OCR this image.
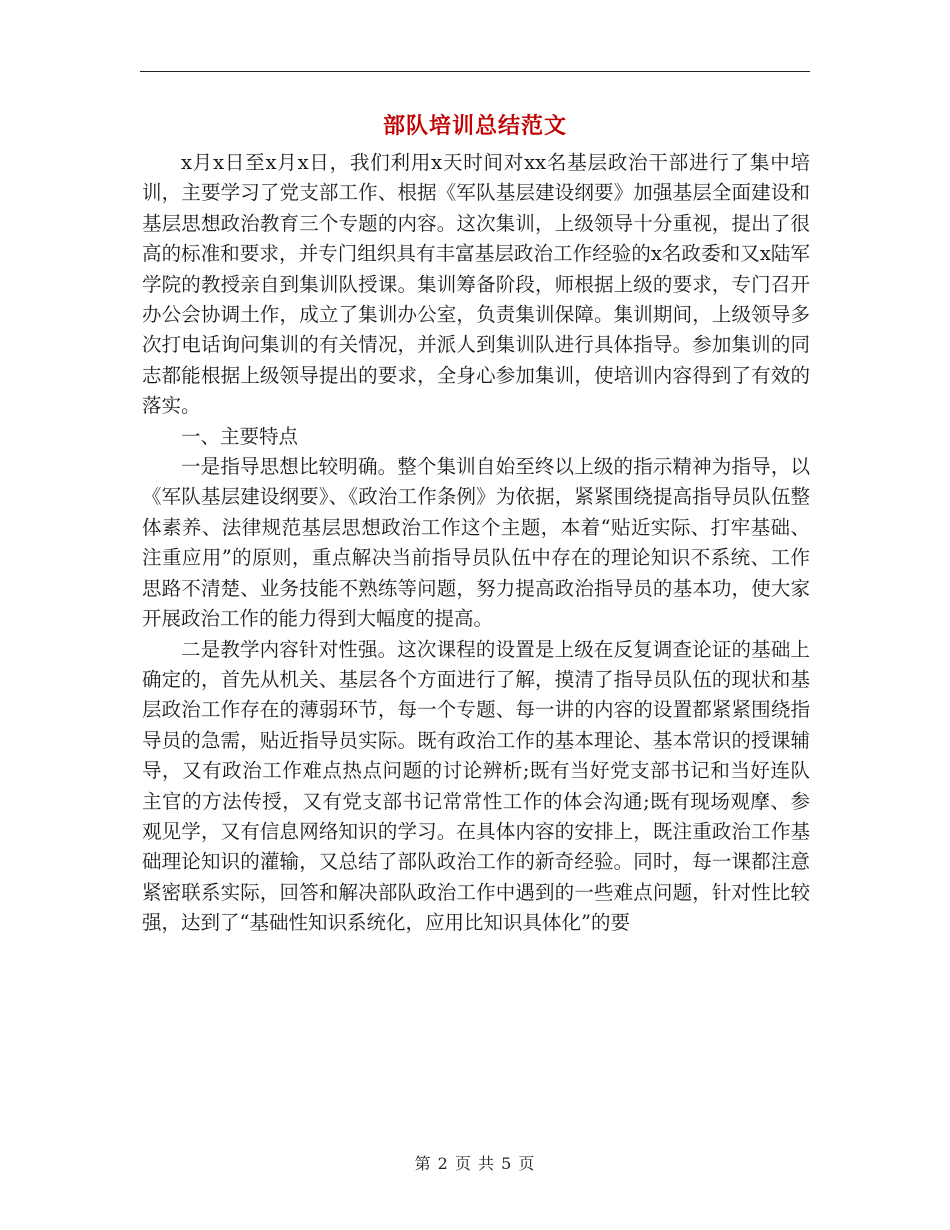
部队培训总结范文

x月x日至x月x日，我们利用x天时间对xx名基层政治干部进行了集中培训，主要学习了党支部工作、根据《军队基层建设纲要》加强基层全面建设和基层思想政治教育三个专题的内容。这次集训，上级领导十分重视，提出了很高的标准和要求，并专门组织具有丰富基层政治工作经验的x名政委和又x陆军学院的教授亲自到集训队授课。集训筹备阶段，师根据上级的要求，专门召开办公会协调土作，成立了集训办公室，负责集训保障。集训期间，上级领导多次打电话询问集训的有关情况，并派人到集训队进行具体指导。参加集训的同志都能根据上级领导提出的要求，全身心参加集训，使培训内容得到了有效的落实。

一、主要特点

一是指导思想比较明确。整个集训自始至终以上级的指示精神为指导，以《军队基层建设纲要》、《政治工作条例》为依据，紧紧围绕提高指导员队伍整体素养、法律规范基层思想政治工作这个主题，本着“贴近实际、打牢基础、注重应用”的原则，重点解决当前指导员队伍中存在的理论知识不系统、工作思路不清楚、业务技能不熟练等问题，努力提高政治指导员的基本功，使大家开展政治工作的能力得到大幅度的提高。

二是教学内容针对性强。这次课程的设置是上级在反复调查论证的基础上确定的，首先从机关、基层各个方面进行了解，摸清了指导员队伍的现状和基层政治工作存在的薄弱环节，每一个专题、每一讲的内容的设置都紧紧围绕指导员的急需，贴近指导员实际。既有政治工作的基本理论、基本常识的授课辅导，又有政治工作难点热点问题的讨论辨析;既有当好党支部书记和当好连队主官的方法传授，又有党支部书记常常性工作的体会沟通;既有现场观摩、参观见学，又有信息网络知识的学习。在具体内容的安排上，既注重政治工作基础理论知识的灌输，又总结了部队政治工作的新奇经验。同时，每一课都注意紧密联系实际，回答和解决部队政治工作中遇到的一些难点问题，针对性比较强，达到了“基础性知识系统化，应用比知识具体化”的要

第 2 页 共 5 页
